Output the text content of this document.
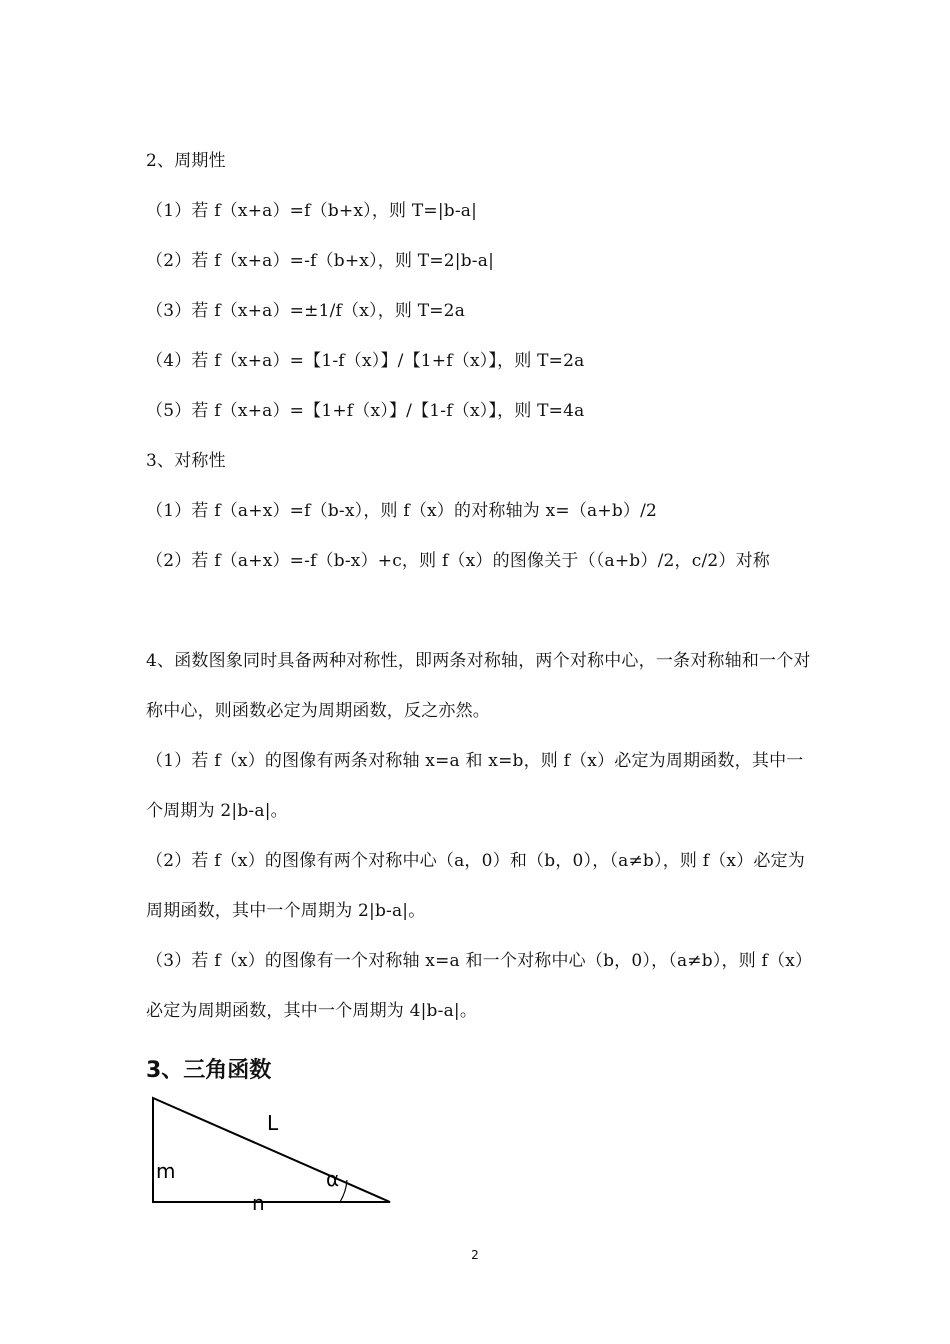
2、周期性
（1）若 f（x+a）=f（b+x），则 T=|b-a|
（2）若 f（x+a）=-f（b+x），则 T=2|b-a|
（3）若 f（x+a）=±1/f（x），则 T=2a
（4）若 f（x+a）=【1-f（x）】/【1+f（x）】，则 T=2a
（5）若 f（x+a）=【1+f（x）】/【1-f（x）】，则 T=4a
3、对称性
（1）若 f（a+x）=f（b-x），则 f（x）的对称轴为 x=（a+b）/2
（2）若 f（a+x）=-f（b-x）+c，则 f（x）的图像关于（（a+b）/2，c/2）对称
4、函数图象同时具备两种对称性，即两条对称轴，两个对称中心，一条对称轴和一个对称中心，则函数必定为周期函数，反之亦然。
（1）若 f（x）的图像有两条对称轴 x=a 和 x=b，则 f（x）必定为周期函数，其中一个周期为 2|b-a|。
（2）若 f（x）的图像有两个对称中心（a，0）和（b，0），（a≠b），则 f（x）必定为周期函数，其中一个周期为 2|b-a|。
（3）若 f（x）的图像有一个对称轴 x=a 和一个对称中心（b，0），（a≠b），则 f（x）必定为周期函数，其中一个周期为 4|b-a|。
3、三角函数
L
m
n
α
2
